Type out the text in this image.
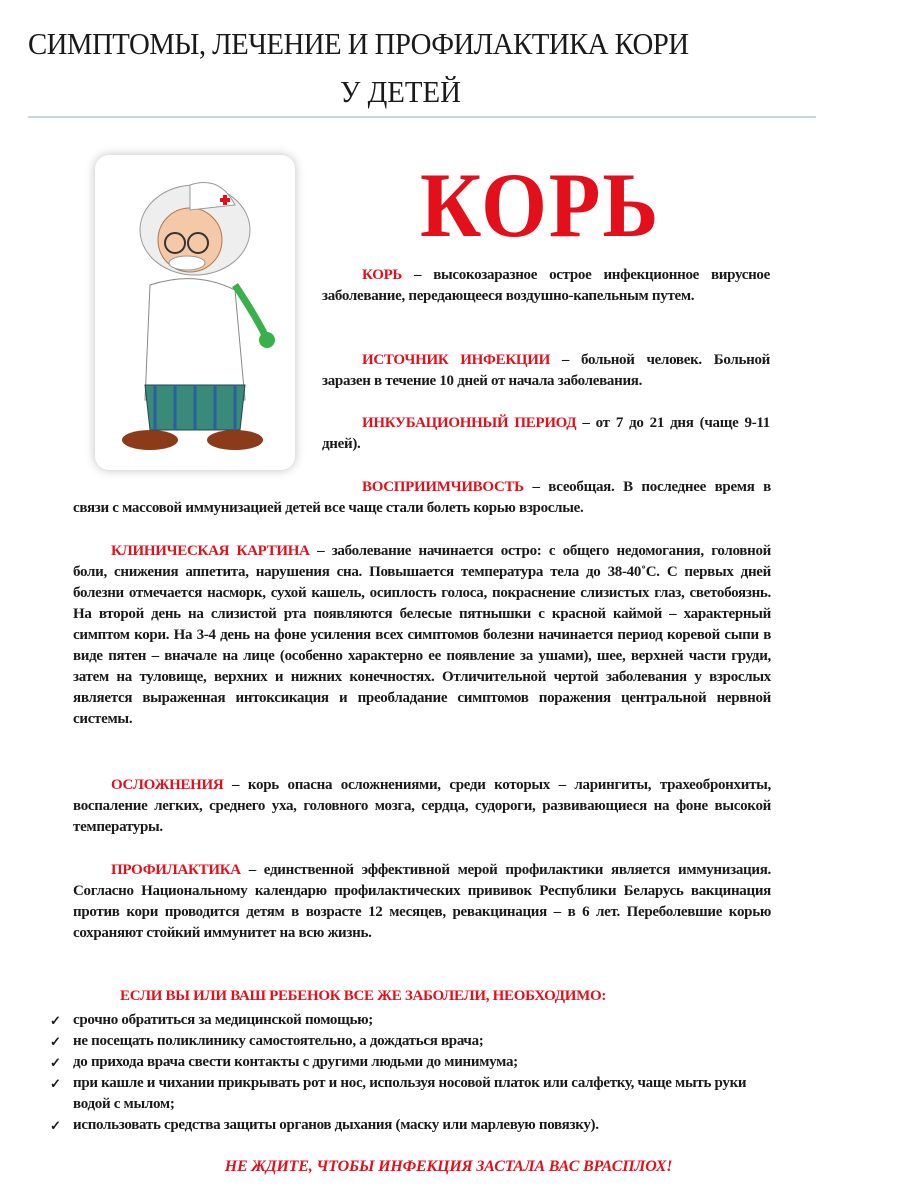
СИМПТОМЫ, ЛЕЧЕНИЕ И ПРОФИЛАКТИКА КОРИ
У ДЕТЕЙ
КОРЬ

КОРЬ – высокозаразное острое инфекционное вирусное заболевание, передающееся воздушно-капельным путем.

ИСТОЧНИК ИНФЕКЦИИ – больной человек. Больной заразен в течение 10 дней от начала заболевания.

ИНКУБАЦИОННЫЙ ПЕРИОД – от 7 до 21 дня (чаще 9-11 дней).

ВОСПРИИМЧИВОСТЬ – всеобщая. В последнее время в связи с массовой иммунизацией детей все чаще стали болеть корью взрослые.

КЛИНИЧЕСКАЯ КАРТИНА – заболевание начинается остро: с общего недомогания, головной боли, снижения аппетита, нарушения сна. Повышается температура тела до 38-40˚С. С первых дней болезни отмечается насморк, сухой кашель, осиплость голоса, покраснение слизистых глаз, светобоязнь. На второй день на слизистой рта появляются белесые пятнышки с красной каймой – характерный симптом кори. На 3-4 день на фоне усиления всех симптомов болезни начинается период коревой сыпи в виде пятен – вначале на лице (особенно характерно ее появление за ушами), шее, верхней части груди, затем на туловище, верхних и нижних конечностях. Отличительной чертой заболевания у взрослых является выраженная интоксикация и преобладание симптомов поражения центральной нервной системы.

ОСЛОЖНЕНИЯ – корь опасна осложнениями, среди которых – ларингиты, трахеобронхиты, воспаление легких, среднего уха, головного мозга, сердца, судороги, развивающиеся на фоне высокой температуры.

ПРОФИЛАКТИКА – единственной эффективной мерой профилактики является иммунизация. Согласно Национальному календарю профилактических прививок Республики Беларусь вакцинация против кори проводится детям в возрасте 12 месяцев, ревакцинация – в 6 лет. Переболевшие корью сохраняют стойкий иммунитет на всю жизнь.

ЕСЛИ ВЫ ИЛИ ВАШ РЕБЕНОК ВСЕ ЖЕ ЗАБОЛЕЛИ, НЕОБХОДИМО:
✓ срочно обратиться за медицинской помощью;
✓ не посещать поликлинику самостоятельно, а дождаться врача;
✓ до прихода врача свести контакты с другими людьми до минимума;
✓ при кашле и чихании прикрывать рот и нос, используя носовой платок или салфетку, чаще мыть руки водой с мылом;
✓ использовать средства защиты органов дыхания (маску или марлевую повязку).
НЕ ЖДИТЕ, ЧТОБЫ ИНФЕКЦИЯ ЗАСТАЛА ВАС ВРАСПЛОХ!
